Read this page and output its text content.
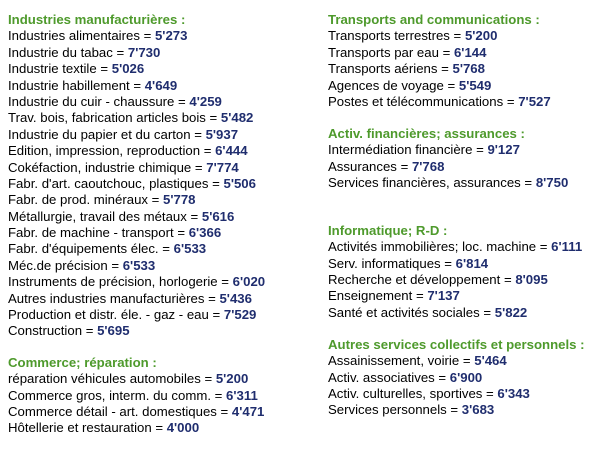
Industries manufacturières :
Industries alimentaires = 5'273
Industrie du tabac = 7'730
Industrie textile = 5'026
Industrie habillement = 4'649
Industrie du cuir - chaussure = 4'259
Trav. bois, fabrication articles bois = 5'482
Industrie du papier et du carton = 5'937
Edition, impression, reproduction = 6'444
Cokéfaction, industrie chimique = 7'774
Fabr. d'art. caoutchouc, plastiques = 5'506
Fabr. de prod. minéraux = 5'778
Métallurgie, travail des métaux = 5'616
Fabr. de machine - transport = 6'366
Fabr. d'équipements élec. = 6'533
Méc.de précision = 6'533
Instruments de précision, horlogerie = 6'020
Autres industries manufacturières = 5'436
Production et distr. éle. - gaz - eau = 7'529
Construction = 5'695
Commerce; réparation :
réparation véhicules automobiles = 5'200
Commerce gros, interm. du comm. = 6'311
Commerce détail - art. domestiques = 4'471
Hôtellerie et restauration = 4'000
Transports and communications :
Transports terrestres = 5'200
Transports par eau = 6'144
Transports aériens = 5'768
Agences de voyage = 5'549
Postes et télécommunications = 7'527
Activ. financières; assurances :
Intermédiation financière = 9'127
Assurances = 7'768
Services financières, assurances = 8'750
Informatique; R-D :
Activités immobilières; loc. machine = 6'111
Serv. informatiques = 6'814
Recherche et développement = 8'095
Enseignement = 7'137
Santé et activités sociales = 5'822
Autres services collectifs et personnels :
Assainissement, voirie = 5'464
Activ. associatives = 6'900
Activ. culturelles, sportives = 6'343
Services personnels = 3'683
